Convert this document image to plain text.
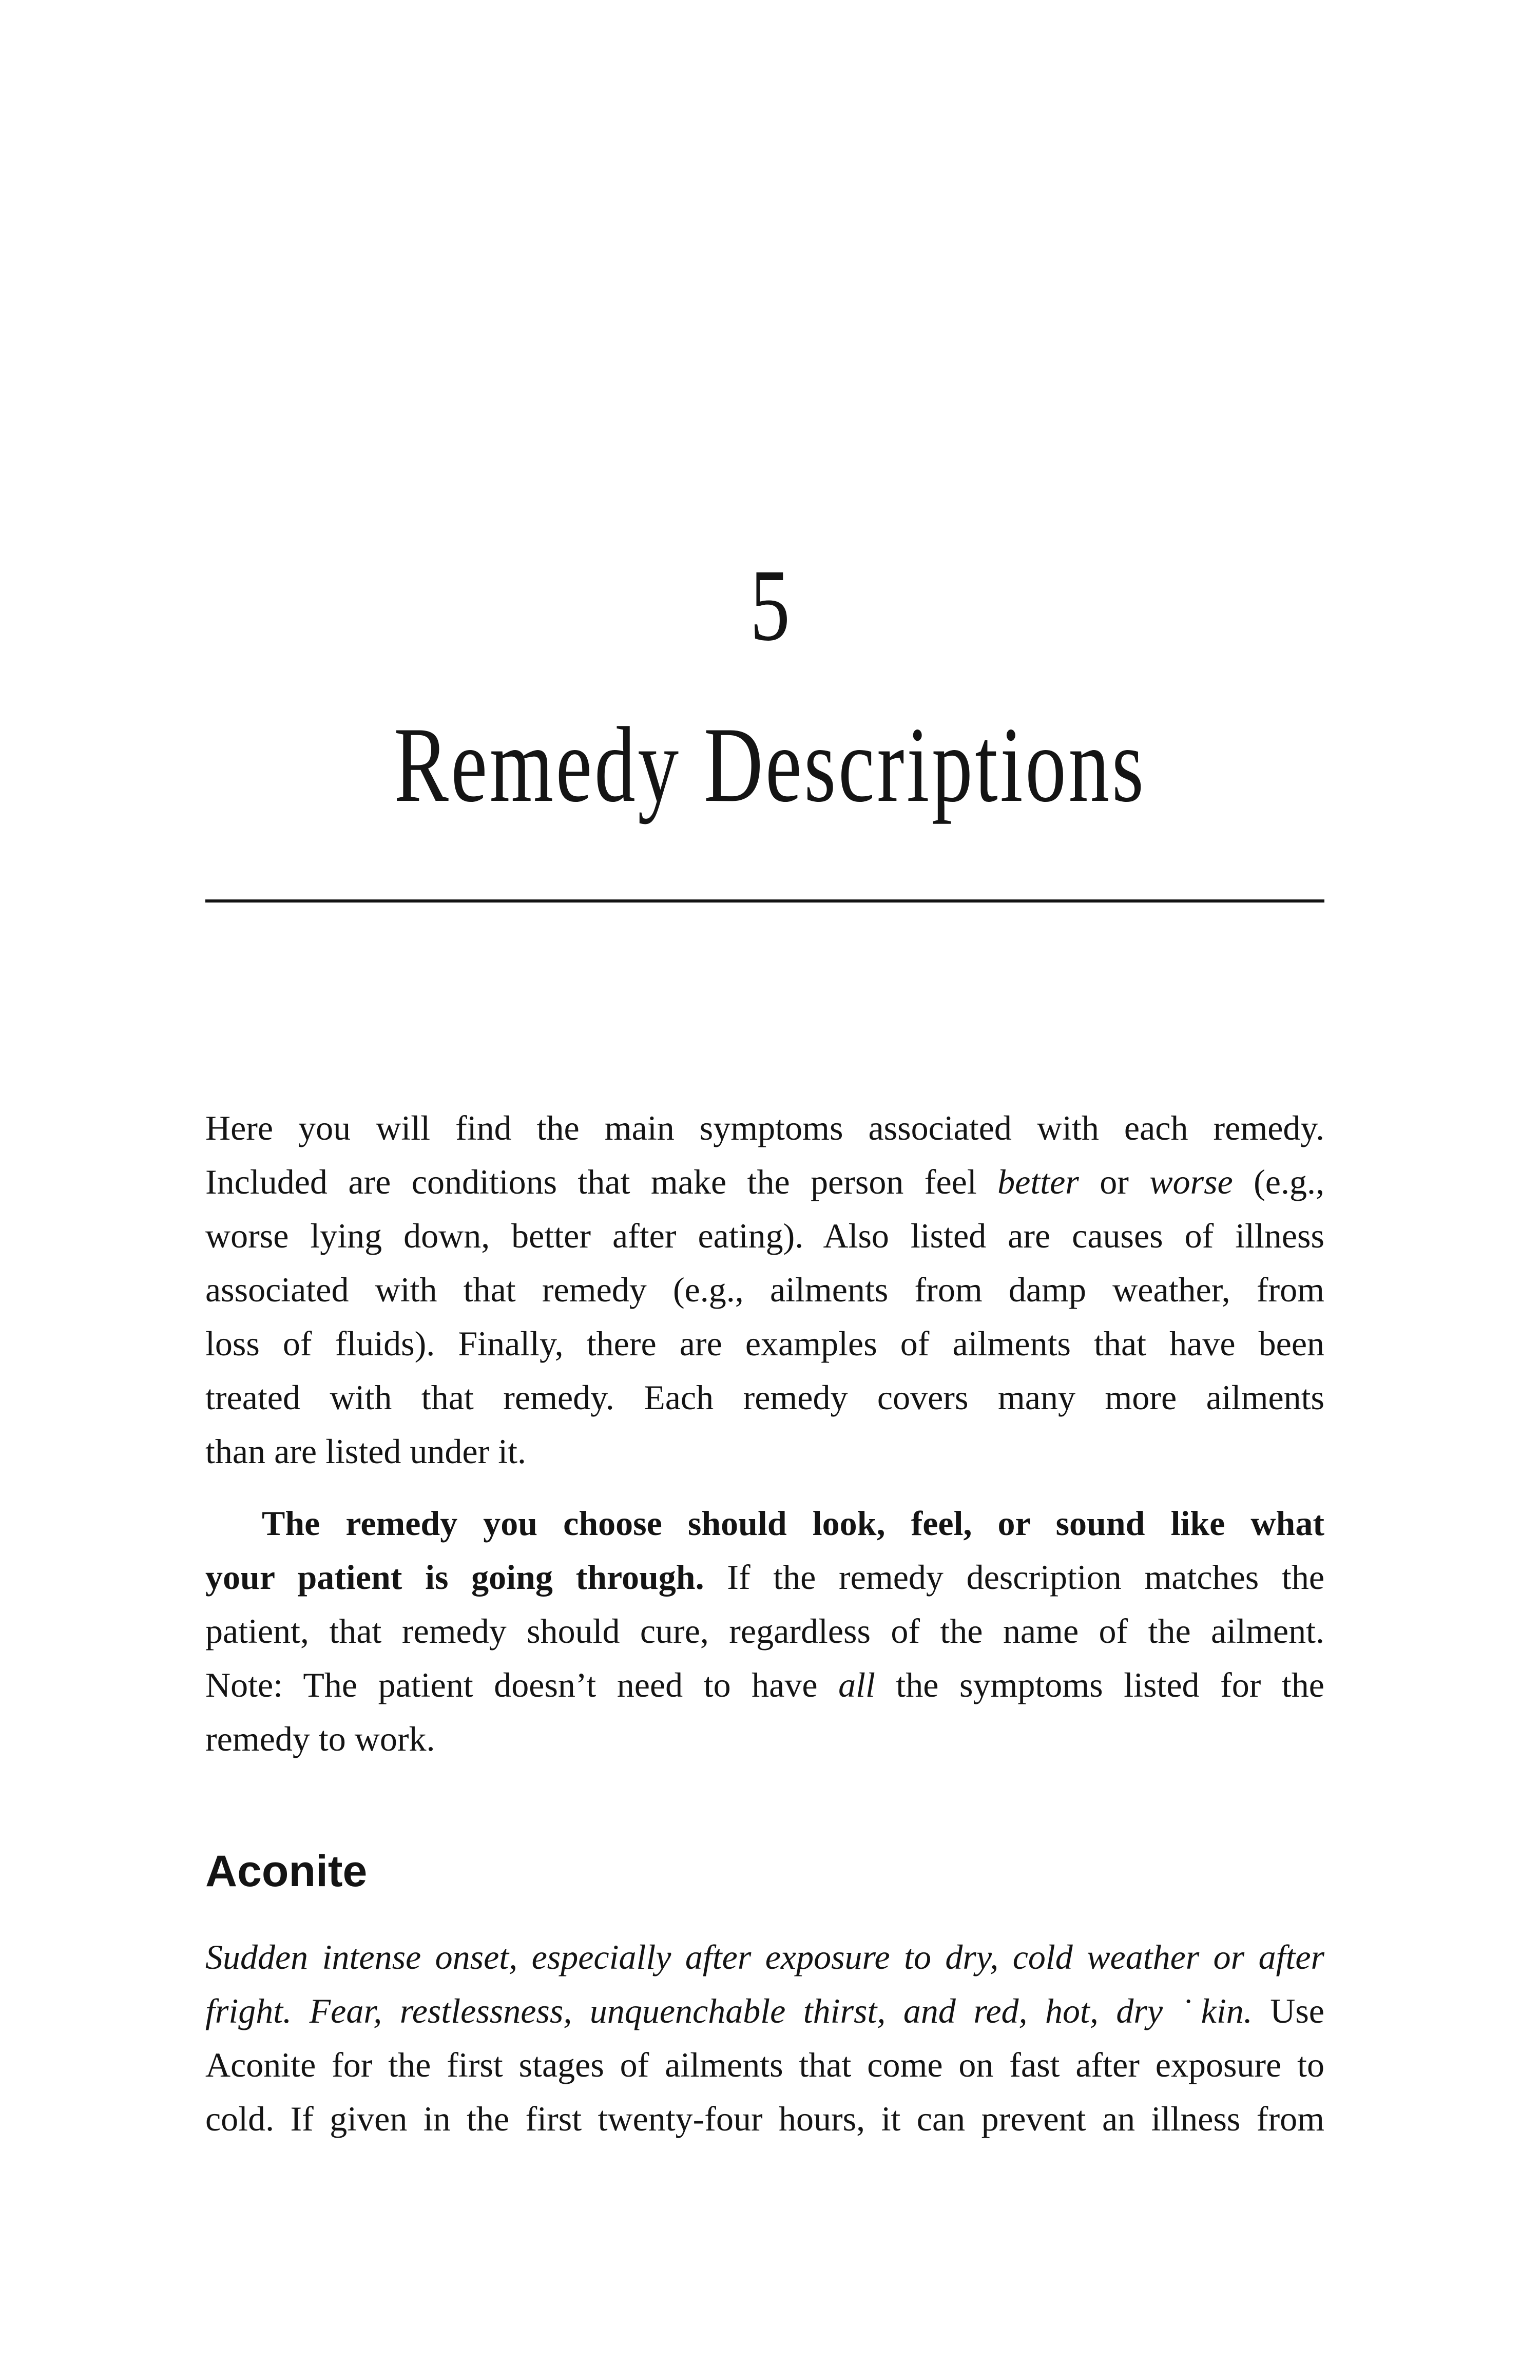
5
Remedy Descriptions
Here you will find the main symptoms associated with each remedy.
Included are conditions that make the person feel better or worse (e.g.,
worse lying down, better after eating). Also listed are causes of illness
associated with that remedy (e.g., ailments from damp weather, from
loss of fluids). Finally, there are examples of ailments that have been
treated with that remedy. Each remedy covers many more ailments
than are listed under it.
The remedy you choose should look, feel, or sound like what
your patient is going through. If the remedy description matches the
patient, that remedy should cure, regardless of the name of the ailment.
Note: The patient doesn’t need to have all the symptoms listed for the
remedy to work.
Aconite
Sudden intense onset, especially after exposure to dry, cold weather or after
fright. Fear, restlessness, unquenchable thirst, and red, hot, dry ˙kin. Use
Aconite for the first stages of ailments that come on fast after exposure to
cold. If given in the first twenty-four hours, it can prevent an illness from
